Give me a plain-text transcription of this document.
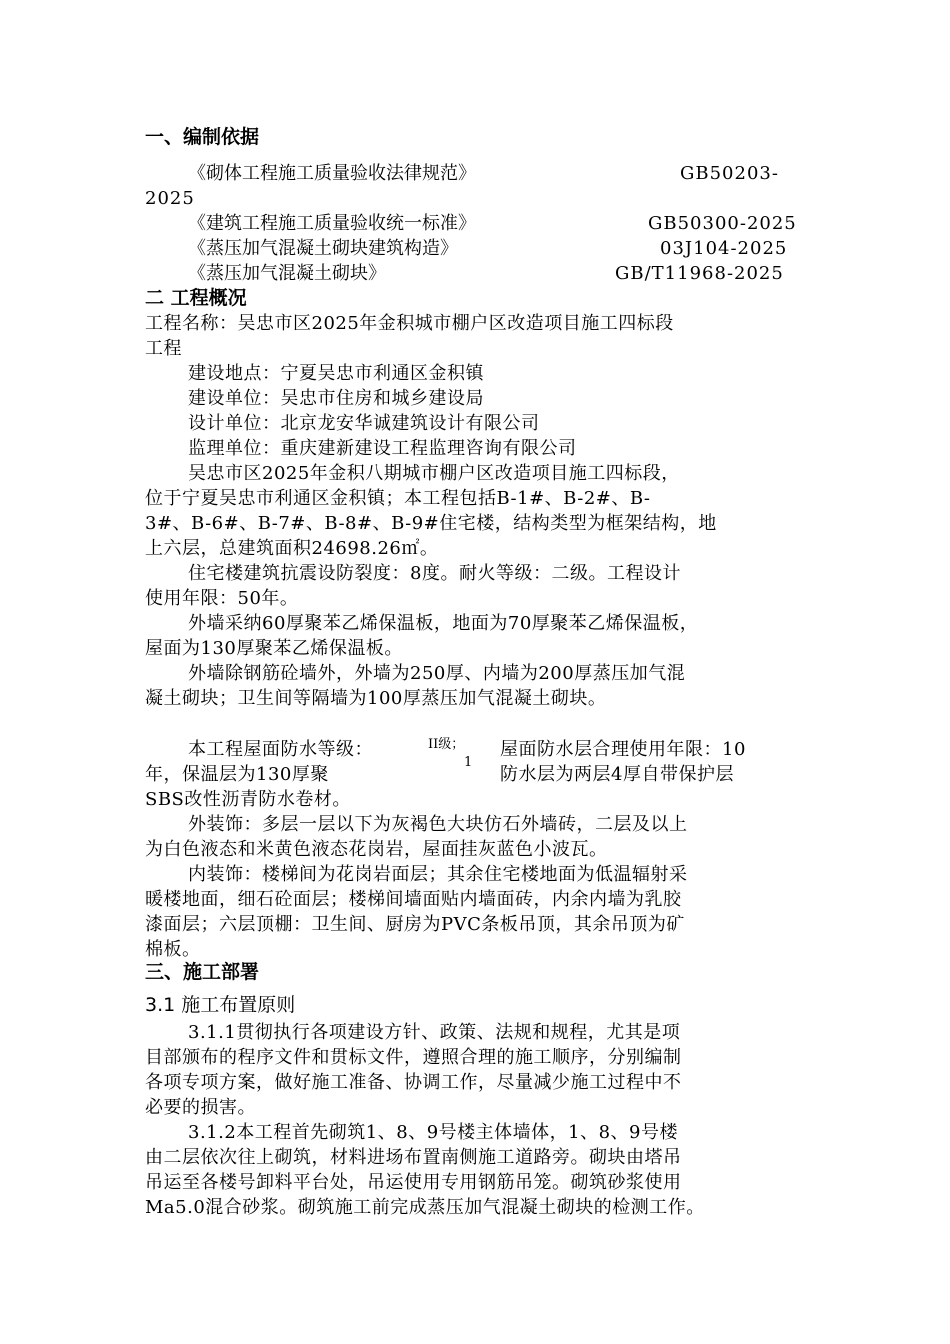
一、编制依据
《砌体工程施工质量验收法律规范》	GB50203-
2025
《建筑工程施工质量验收统一标准》	GB50300-2025
《蒸压加气混凝土砌块建筑构造》	03J104-2025
《蒸压加气混凝土砌块》	GB/T11968-2025
二 工程概况
工程名称：吴忠市区2025年金积城市棚户区改造项目施工四标段
工程
建设地点：宁夏吴忠市利通区金积镇
建设单位：吴忠市住房和城乡建设局
设计单位：北京龙安华诚建筑设计有限公司
监理单位：重庆建新建设工程监理咨询有限公司
吴忠市区2025年金积八期城市棚户区改造项目施工四标段，
位于宁夏吴忠市利通区金积镇；本工程包括B-1#、B-2#、B-
3#、B-6#、B-7#、B-8#、B-9#住宅楼，结构类型为框架结构，地
上六层，总建筑面积24698.26㎡。
住宅楼建筑抗震设防裂度：8度。耐火等级：二级。工程设计
使用年限：50年。
外墙采纳60厚聚苯乙烯保温板，地面为70厚聚苯乙烯保温板，
屋面为130厚聚苯乙烯保温板。
外墙除钢筋砼墙外，外墙为250厚、内墙为200厚蒸压加气混
凝土砌块；卫生间等隔墙为100厚蒸压加气混凝土砌块。
本工程屋面防水等级：	II级； 屋面防水层合理使用年限：10
年，保温层为130厚聚
1
防水层为两层4厚自带保护层
SBS改性沥青防水卷材。
外装饰：多层一层以下为灰褐色大块仿石外墙砖，二层及以上
为白色液态和米黄色液态花岗岩，屋面挂灰蓝色小波瓦。
内装饰：楼梯间为花岗岩面层；其余住宅楼地面为低温辐射采
暖楼地面，细石砼面层；楼梯间墙面贴内墙面砖，内余内墙为乳胶
漆面层；六层顶棚：卫生间、厨房为PVC条板吊顶，其余吊顶为矿
棉板。
三、施工部署
3.1 施工布置原则
3.1.1贯彻执行各项建设方针、政策、法规和规程，尤其是项
目部颁布的程序文件和贯标文件，遵照合理的施工顺序，分别编制
各项专项方案，做好施工准备、协调工作，尽量减少施工过程中不
必要的损害。
3.1.2本工程首先砌筑1、8、9号楼主体墙体，1、8、9号楼
由二层依次往上砌筑，材料进场布置南侧施工道路旁。砌块由塔吊
吊运至各楼号卸料平台处，吊运使用专用钢筋吊笼。砌筑砂浆使用
Ma5.0混合砂浆。砌筑施工前完成蒸压加气混凝土砌块的检测工作。
